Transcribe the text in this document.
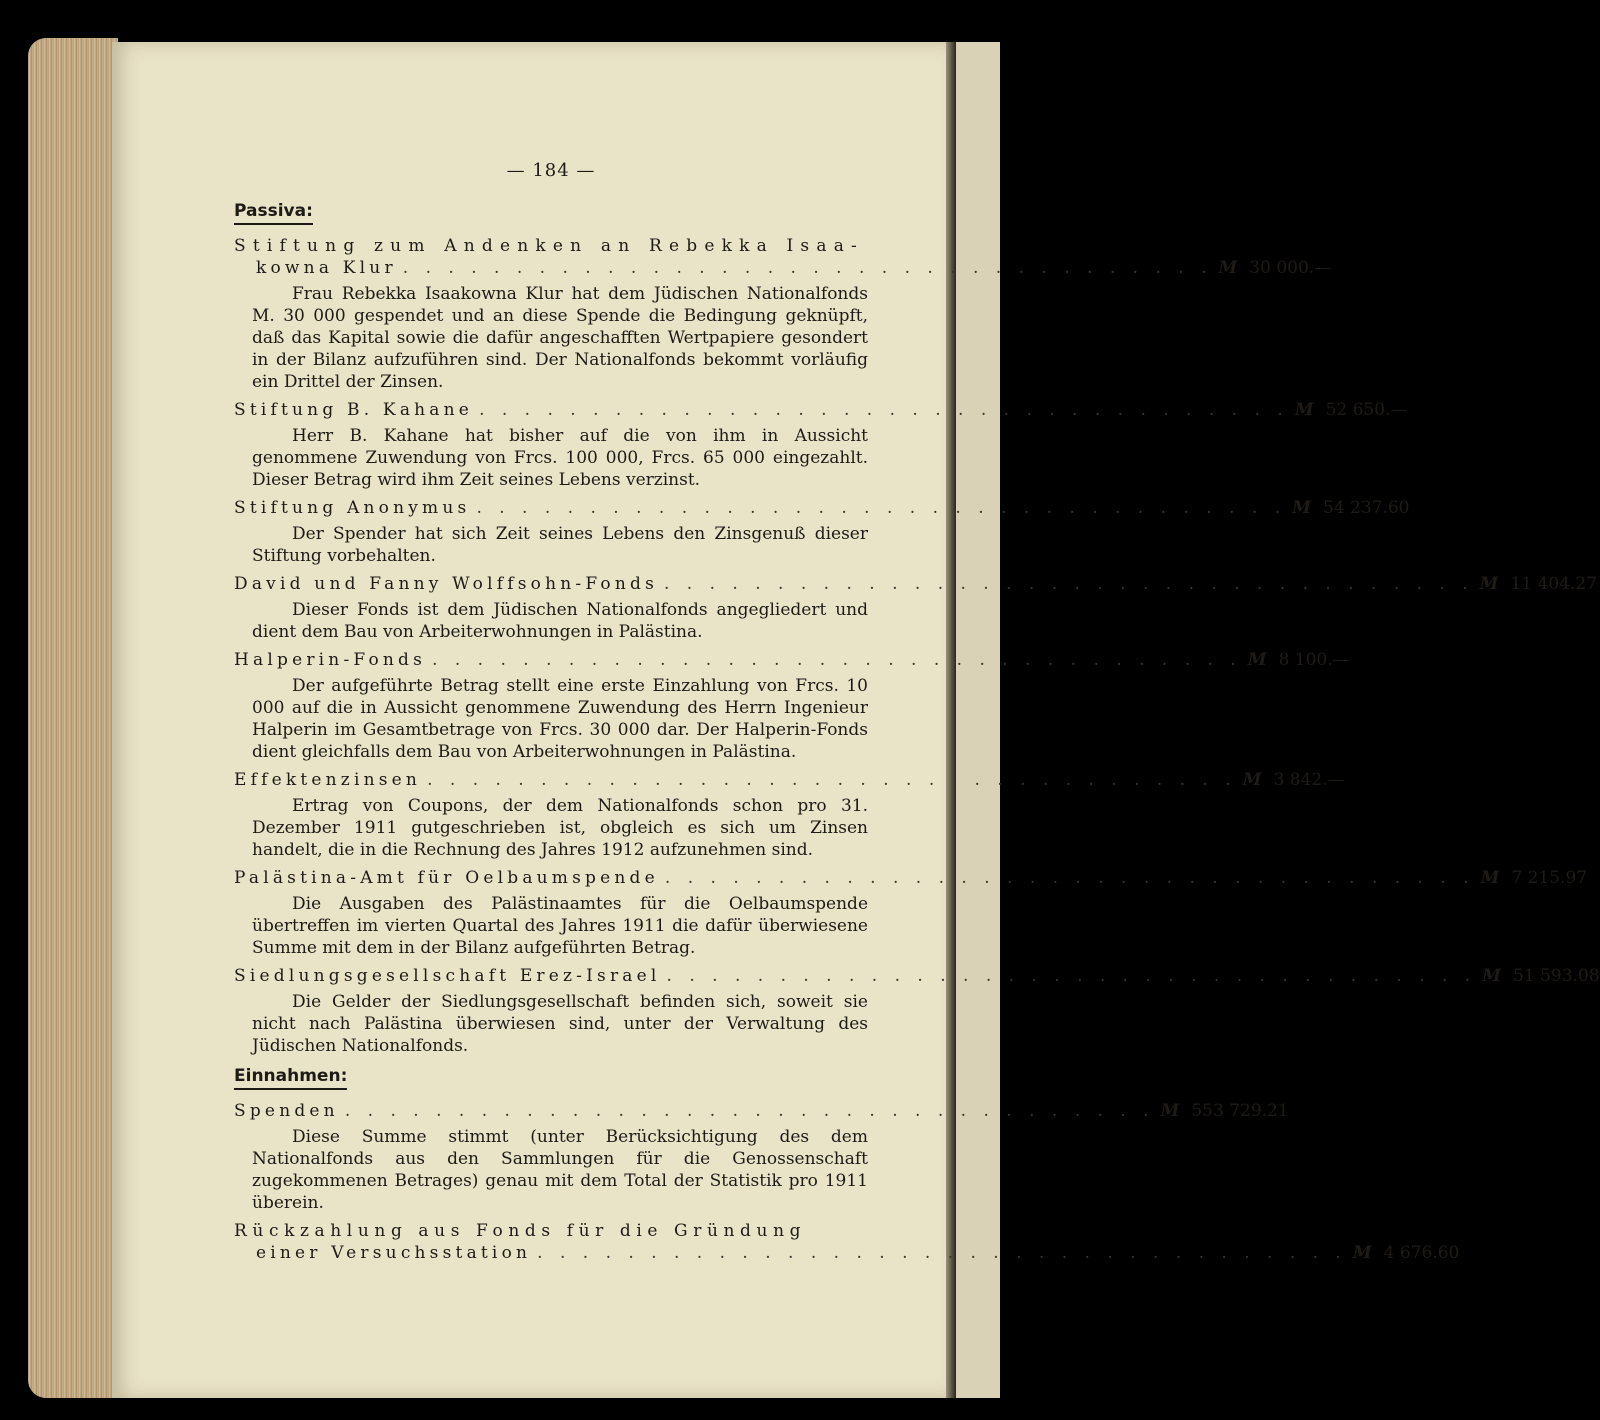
— 184 —
Passiva:
Stiftung zum Andenken an Rebekka Isaa-
kowna Klur . . . . . . . . . . . . . . . . . . . . . . . . . . . . . . . . . . . . M 30 000.—
Frau Rebekka Isaakowna Klur hat dem Jüdischen Nationalfonds M. 30 000 gespendet und an diese Spende die Bedingung geknüpft, daß das Kapital sowie die dafür angeschafften Wertpapiere gesondert in der Bilanz aufzuführen sind. Der Nationalfonds bekommt vorläufig ein Drittel der Zinsen.
Stiftung B. Kahane . . . . . . . . . . . . . . . . . . . . . . . . . . . . . . . . . . . . M 52 650.—
Herr B. Kahane hat bisher auf die von ihm in Aussicht genommene Zuwendung von Frcs. 100 000, Frcs. 65 000 eingezahlt. Dieser Betrag wird ihm Zeit seines Lebens verzinst.
Stiftung Anonymus . . . . . . . . . . . . . . . . . . . . . . . . . . . . . . . . . . . . M 54 237.60
Der Spender hat sich Zeit seines Lebens den Zinsgenuß dieser Stiftung vorbehalten.
David und Fanny Wolffsohn-Fonds . . . . . . . . . . . . . . . . . . . . . . . . . . . . . . . . . . . . M 11 404.27
Dieser Fonds ist dem Jüdischen Nationalfonds angegliedert und dient dem Bau von Arbeiterwohnungen in Palästina.
Halperin-Fonds . . . . . . . . . . . . . . . . . . . . . . . . . . . . . . . . . . . . M 8 100.—
Der aufgeführte Betrag stellt eine erste Einzahlung von Frcs. 10 000 auf die in Aussicht genommene Zuwendung des Herrn Ingenieur Halperin im Gesamtbetrage von Frcs. 30 000 dar. Der Halperin-Fonds dient gleichfalls dem Bau von Arbeiterwohnungen in Palästina.
Effektenzinsen . . . . . . . . . . . . . . . . . . . . . . . . . . . . . . . . . . . . M 3 842.—
Ertrag von Coupons, der dem Nationalfonds schon pro 31. Dezember 1911 gutgeschrieben ist, obgleich es sich um Zinsen handelt, die in die Rechnung des Jahres 1912 aufzunehmen sind.
Palästina-Amt für Oelbaumspende . . . . . . . . . . . . . . . . . . . . . . . . . . . . . . . . . . . . M 7 215.97
Die Ausgaben des Palästinaamtes für die Oelbaumspende übertreffen im vierten Quartal des Jahres 1911 die dafür überwiesene Summe mit dem in der Bilanz aufgeführten Betrag.
Siedlungsgesellschaft Erez-Israel . . . . . . . . . . . . . . . . . . . . . . . . . . . . . . . . . . . . M 51 593.08
Die Gelder der Siedlungsgesellschaft befinden sich, soweit sie nicht nach Palästina überwiesen sind, unter der Verwaltung des Jüdischen Nationalfonds.
Einnahmen:
Spenden . . . . . . . . . . . . . . . . . . . . . . . . . . . . . . . . . . . . M 553 729.21
Diese Summe stimmt (unter Berücksichtigung des dem Nationalfonds aus den Sammlungen für die Genossenschaft zugekommenen Betrages) genau mit dem Total der Statistik pro 1911 überein.
Rückzahlung aus Fonds für die Gründung
einer Versuchsstation . . . . . . . . . . . . . . . . . . . . . . . . . . . . . . . . . . . . M 4 676.60
